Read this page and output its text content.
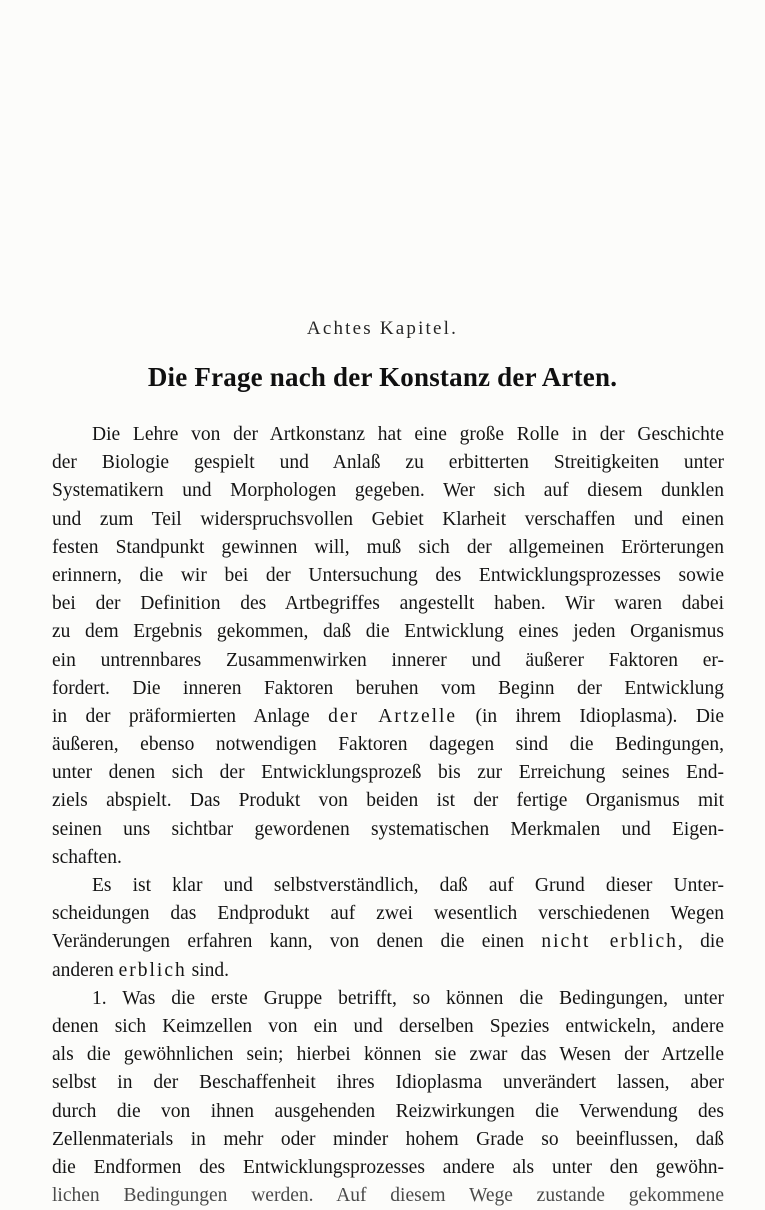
Achtes Kapitel.
Die Frage nach der Konstanz der Arten.
Die Lehre von der Artkonstanz hat eine große Rolle in der Geschichte
der Biologie gespielt und Anlaß zu erbitterten Streitigkeiten unter
Systematikern und Morphologen gegeben. Wer sich auf diesem dunklen
und zum Teil widerspruchsvollen Gebiet Klarheit verschaffen und einen
festen Standpunkt gewinnen will, muß sich der allgemeinen Erörterungen
erinnern, die wir bei der Untersuchung des Entwicklungsprozesses sowie
bei der Definition des Artbegriffes angestellt haben. Wir waren dabei
zu dem Ergebnis gekommen, daß die Entwicklung eines jeden Organismus
ein untrennbares Zusammenwirken innerer und äußerer Faktoren er-
fordert. Die inneren Faktoren beruhen vom Beginn der Entwicklung
in der präformierten Anlage der Artzelle (in ihrem Idioplasma). Die
äußeren, ebenso notwendigen Faktoren dagegen sind die Bedingungen,
unter denen sich der Entwicklungsprozeß bis zur Erreichung seines End-
ziels abspielt. Das Produkt von beiden ist der fertige Organismus mit
seinen uns sichtbar gewordenen systematischen Merkmalen und Eigen-
schaften.
Es ist klar und selbstverständlich, daß auf Grund dieser Unter-
scheidungen das Endprodukt auf zwei wesentlich verschiedenen Wegen
Veränderungen erfahren kann, von denen die einen nicht erblich, die
anderen erblich sind.
1. Was die erste Gruppe betrifft, so können die Bedingungen, unter
denen sich Keimzellen von ein und derselben Spezies entwickeln, andere
als die gewöhnlichen sein; hierbei können sie zwar das Wesen der Artzelle
selbst in der Beschaffenheit ihres Idioplasma unverändert lassen, aber
durch die von ihnen ausgehenden Reizwirkungen die Verwendung des
Zellenmaterials in mehr oder minder hohem Grade so beeinflussen, daß
die Endformen des Entwicklungsprozesses andere als unter den gewöhn-
lichen Bedingungen werden. Auf diesem Wege zustande gekommene
